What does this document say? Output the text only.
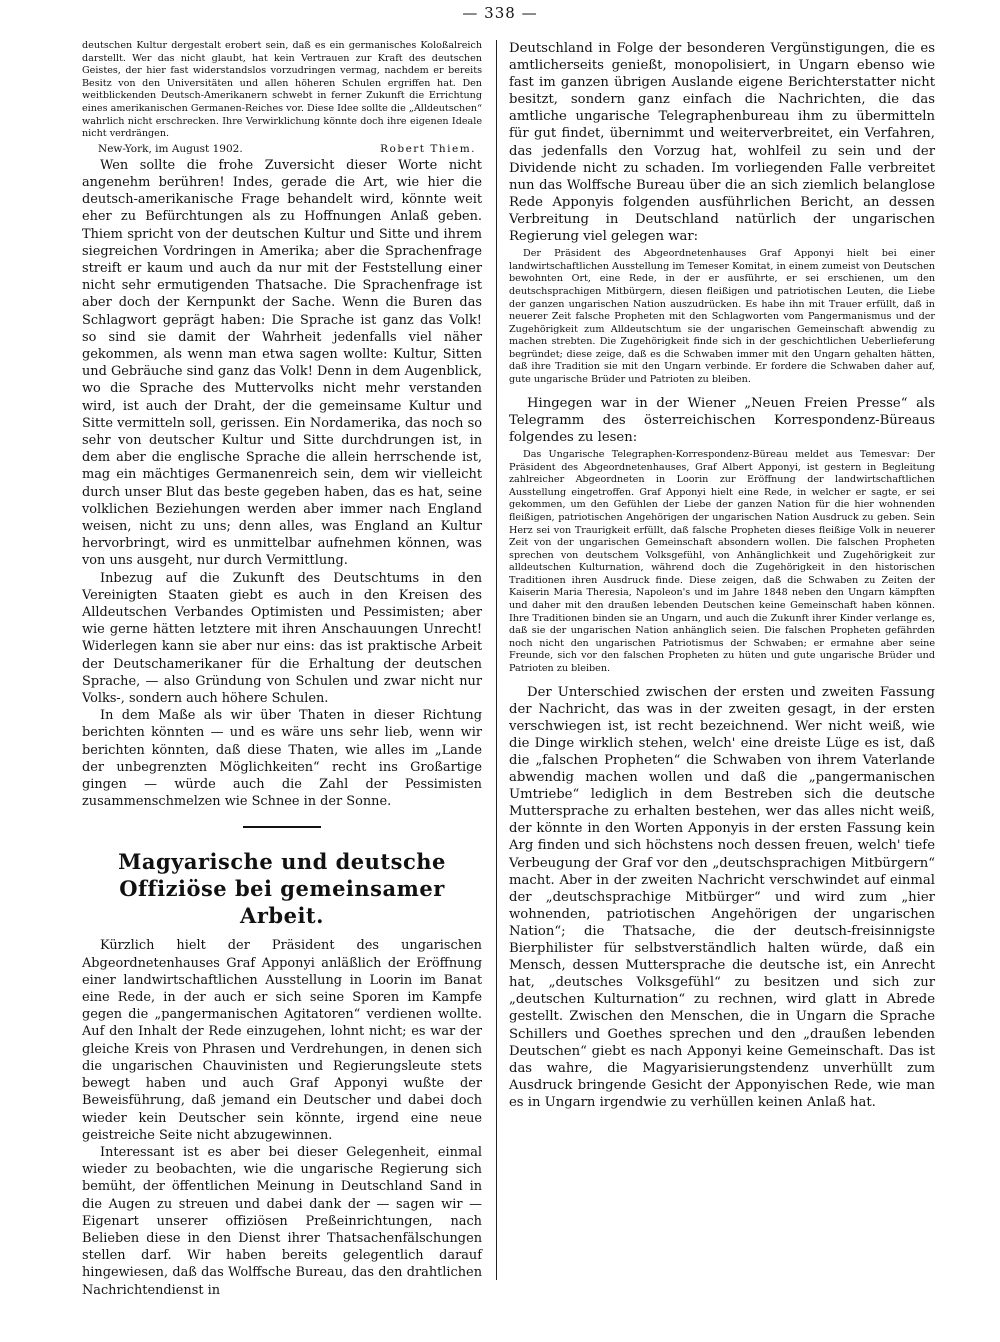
— 338 —

deutschen Kultur dergestalt erobert sein, daß es ein germanisches Koloßalreich darstellt. Wer das nicht glaubt, hat kein Vertrauen zur Kraft des deutschen Geistes, der hier fast widerstandslos vorzudringen vermag, nachdem er bereits Besitz von den Universitäten und allen höheren Schulen ergriffen hat. Den weitblickenden Deutsch-Amerikanern schwebt in ferner Zukunft die Errichtung eines amerikanischen Germanen-Reiches vor. Diese Idee sollte die „Alldeutschen“ wahrlich nicht erschrecken. Ihre Verwirklichung könnte doch ihre eigenen Ideale nicht verdrängen.

New-York, im August 1902.	Robert Thiem.

Wen sollte die frohe Zuversicht dieser Worte nicht angenehm berühren! Indes, gerade die Art, wie hier die deutsch-amerikanische Frage behandelt wird, könnte weit eher zu Befürchtungen als zu Hoffnungen Anlaß geben. Thiem spricht von der deutschen Kultur und Sitte und ihrem siegreichen Vordringen in Amerika; aber die Sprachenfrage streift er kaum und auch da nur mit der Feststellung einer nicht sehr ermutigenden Thatsache. Die Sprachenfrage ist aber doch der Kernpunkt der Sache. Wenn die Buren das Schlagwort geprägt haben: Die Sprache ist ganz das Volk! so sind sie damit der Wahrheit jedenfalls viel näher gekommen, als wenn man etwa sagen wollte: Kultur, Sitten und Gebräuche sind ganz das Volk! Denn in dem Augenblick, wo die Sprache des Muttervolks nicht mehr verstanden wird, ist auch der Draht, der die gemeinsame Kultur und Sitte vermitteln soll, gerissen. Ein Nordamerika, das noch so sehr von deutscher Kultur und Sitte durchdrungen ist, in dem aber die englische Sprache die allein herrschende ist, mag ein mächtiges Germanenreich sein, dem wir vielleicht durch unser Blut das beste gegeben haben, das es hat, seine volklichen Beziehungen werden aber immer nach England weisen, nicht zu uns; denn alles, was England an Kultur hervorbringt, wird es unmittelbar aufnehmen können, was von uns ausgeht, nur durch Vermittlung.

Inbezug auf die Zukunft des Deutschtums in den Vereinigten Staaten giebt es auch in den Kreisen des Alldeutschen Verbandes Optimisten und Pessimisten; aber wie gerne hätten letztere mit ihren Anschauungen Unrecht! Widerlegen kann sie aber nur eins: das ist praktische Arbeit der Deutschamerikaner für die Erhaltung der deutschen Sprache, — also Gründung von Schulen und zwar nicht nur Volks-, sondern auch höhere Schulen.

In dem Maße als wir über Thaten in dieser Richtung berichten könnten — und es wäre uns sehr lieb, wenn wir berichten könnten, daß diese Thaten, wie alles im „Lande der unbegrenzten Möglichkeiten“ recht ins Großartige gingen — würde auch die Zahl der Pessimisten zusammenschmelzen wie Schnee in der Sonne.

Magyarische und deutsche Offiziöse bei gemeinsamer Arbeit.

Kürzlich hielt der Präsident des ungarischen Abgeordnetenhauses Graf Apponyi anläßlich der Eröffnung einer landwirtschaftlichen Ausstellung in Loorin im Banat eine Rede, in der auch er sich seine Sporen im Kampfe gegen die „pangermanischen Agitatoren“ verdienen wollte. Auf den Inhalt der Rede einzugehen, lohnt nicht; es war der gleiche Kreis von Phrasen und Verdrehungen, in denen sich die ungarischen Chauvinisten und Regierungsleute stets bewegt haben und auch Graf Apponyi wußte der Beweisführung, daß jemand ein Deutscher und dabei doch wieder kein Deutscher sein könnte, irgend eine neue geistreiche Seite nicht abzugewinnen.

Interessant ist es aber bei dieser Gelegenheit, einmal wieder zu beobachten, wie die ungarische Regierung sich bemüht, der öffentlichen Meinung in Deutschland Sand in die Augen zu streuen und dabei dank der — sagen wir — Eigenart unserer offiziösen Preßeinrichtungen, nach Belieben diese in den Dienst ihrer Thatsachenfälschungen stellen darf. Wir haben bereits gelegentlich darauf hingewiesen, daß das Wolffsche Bureau, das den drahtlichen Nachrichtendienst in

Deutschland in Folge der besonderen Vergünstigungen, die es amtlicherseits genießt, monopolisiert, in Ungarn ebenso wie fast im ganzen übrigen Auslande eigene Berichterstatter nicht besitzt, sondern ganz einfach die Nachrichten, die das amtliche ungarische Telegraphenbureau ihm zu übermitteln für gut findet, übernimmt und weiterverbreitet, ein Verfahren, das jedenfalls den Vorzug hat, wohlfeil zu sein und der Dividende nicht zu schaden. Im vorliegenden Falle verbreitet nun das Wolffsche Bureau über die an sich ziemlich belanglose Rede Apponyis folgenden ausführlichen Bericht, an dessen Verbreitung in Deutschland natürlich der ungarischen Regierung viel gelegen war:

Der Präsident des Abgeordnetenhauses Graf Apponyi hielt bei einer landwirtschaftlichen Ausstellung im Temeser Komitat, in einem zumeist von Deutschen bewohnten Ort, eine Rede, in der er ausführte, er sei erschienen, um den deutschsprachigen Mitbürgern, diesen fleißigen und patriotischen Leuten, die Liebe der ganzen ungarischen Nation auszudrücken. Es habe ihn mit Trauer erfüllt, daß in neuerer Zeit falsche Propheten mit den Schlagworten vom Pangermanismus und der Zugehörigkeit zum Alldeutschtum sie der ungarischen Gemeinschaft abwendig zu machen strebten. Die Zugehörigkeit finde sich in der geschichtlichen Ueberlieferung begründet; diese zeige, daß es die Schwaben immer mit den Ungarn gehalten hätten, daß ihre Tradition sie mit den Ungarn verbinde. Er fordere die Schwaben daher auf, gute ungarische Brüder und Patrioten zu bleiben.

Hingegen war in der Wiener „Neuen Freien Presse“ als Telegramm des österreichischen Korrespondenz-Büreaus folgendes zu lesen:

Das Ungarische Telegraphen-Korrespondenz-Büreau meldet aus Temesvar: Der Präsident des Abgeordnetenhauses, Graf Albert Apponyi, ist gestern in Begleitung zahlreicher Abgeordneten in Loorin zur Eröffnung der landwirtschaftlichen Ausstellung eingetroffen. Graf Apponyi hielt eine Rede, in welcher er sagte, er sei gekommen, um den Gefühlen der Liebe der ganzen Nation für die hier wohnenden fleißigen, patriotischen Angehörigen der ungarischen Nation Ausdruck zu geben. Sein Herz sei von Traurigkeit erfüllt, daß falsche Propheten dieses fleißige Volk in neuerer Zeit von der ungarischen Gemeinschaft absondern wollen. Die falschen Propheten sprechen von deutschem Volksgefühl, von Anhänglichkeit und Zugehörigkeit zur alldeutschen Kulturnation, während doch die Zugehörigkeit in den historischen Traditionen ihren Ausdruck finde. Diese zeigen, daß die Schwaben zu Zeiten der Kaiserin Maria Theresia, Napoleon's und im Jahre 1848 neben den Ungarn kämpften und daher mit den draußen lebenden Deutschen keine Gemeinschaft haben können. Ihre Traditionen binden sie an Ungarn, und auch die Zukunft ihrer Kinder verlange es, daß sie der ungarischen Nation anhänglich seien. Die falschen Propheten gefährden noch nicht den ungarischen Patriotismus der Schwaben; er ermahne aber seine Freunde, sich vor den falschen Propheten zu hüten und gute ungarische Brüder und Patrioten zu bleiben.

Der Unterschied zwischen der ersten und zweiten Fassung der Nachricht, das was in der zweiten gesagt, in der ersten verschwiegen ist, ist recht bezeichnend. Wer nicht weiß, wie die Dinge wirklich stehen, welch' eine dreiste Lüge es ist, daß die „falschen Propheten“ die Schwaben von ihrem Vaterlande abwendig machen wollen und daß die „pangermanischen Umtriebe“ lediglich in dem Bestreben sich die deutsche Muttersprache zu erhalten bestehen, wer das alles nicht weiß, der könnte in den Worten Apponyis in der ersten Fassung kein Arg finden und sich höchstens noch dessen freuen, welch' tiefe Verbeugung der Graf vor den „deutschsprachigen Mitbürgern“ macht. Aber in der zweiten Nachricht verschwindet auf einmal der „deutschsprachige Mitbürger“ und wird zum „hier wohnenden, patriotischen Angehörigen der ungarischen Nation“; die Thatsache, die der deutsch-freisinnigste Bierphilister für selbstverständlich halten würde, daß ein Mensch, dessen Muttersprache die deutsche ist, ein Anrecht hat, „deutsches Volksgefühl“ zu besitzen und sich zur „deutschen Kulturnation“ zu rechnen, wird glatt in Abrede gestellt. Zwischen den Menschen, die in Ungarn die Sprache Schillers und Goethes sprechen und den „draußen lebenden Deutschen“ giebt es nach Apponyi keine Gemeinschaft. Das ist das wahre, die Magyarisierungstendenz unverhüllt zum Ausdruck bringende Gesicht der Apponyischen Rede, wie man es in Ungarn irgendwie zu verhüllen keinen Anlaß hat.
